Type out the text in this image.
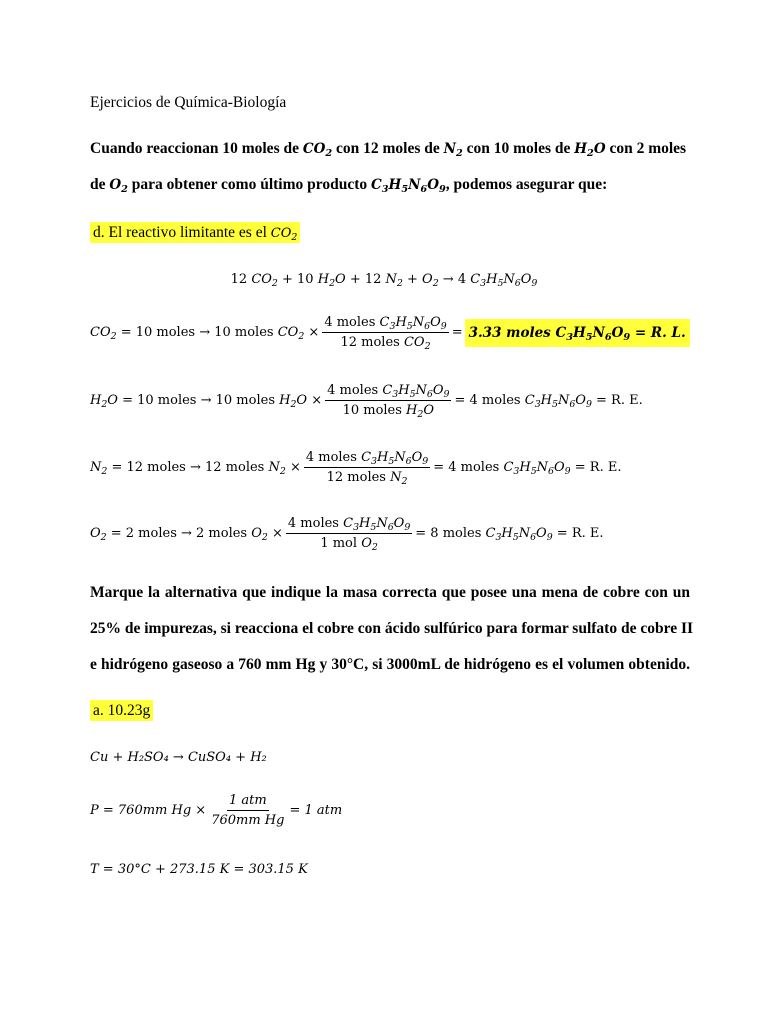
Ejercicios de Química-Biología
Cuando reaccionan 10 moles de $CO_2$ con 12 moles de $N_2$ con 10 moles de $H_2O$ con 2 moles
de $O_2$ para obtener como último producto $C_3H_5N_6O_9$, podemos asegurar que:
d. El reactivo limitante es el $CO_2$
12 $CO_2 + 10$ $H_2O + 12$ $N_2 + O_2 \to 4$ $C_3H_5N_6O_9$
$CO_2 = 10$ moles → 10 moles $CO_2 \times \frac{4 moles C_3H_5N_6O_9}{12 moles CO_2} = 3.33$ moles $C_3H_5N_6O_9 = R$. L.
$H_2O = 10$ moles → 10 moles $H_2O \times \frac{4 moles C_3H_5N_6O_9}{10 moles H_2O} = 4$ moles $C_3H_5N_6O_9 = R$. E.
$N_2 = 12$ moles → 12 moles $N_2 \times \frac{4 moles C_3H_5N_6O_9}{12 moles N_2} = 4$ moles $C_3H_5N_6O_9 = R$. E.
$O_2 = 2$ moles → 2 moles $O_2 \times \frac{4 moles C_3H_5N_6O_9}{1 mol O_2} = 8$ moles $C_3H_5N_6O_9 = R$. E.
Marque la alternativa que indique la masa correcta que posee una mena de cobre con un
25% de impurezas, si reacciona el cobre con ácido sulfúrico para formar sulfato de cobre II
e hidrógeno gaseoso a 760 mm Hg y 30°C, si 3000mL de hidrógeno es el volumen obtenido.
a. 10.23g
Cu + H₂SO₄ → CuSO₄ + H₂
P = 760mm $Hg \times \frac{\text{1 atm}}{\text{760mm Hg}} = 1$ atm
T = 30°C + 273.15 K = 303.15 K
